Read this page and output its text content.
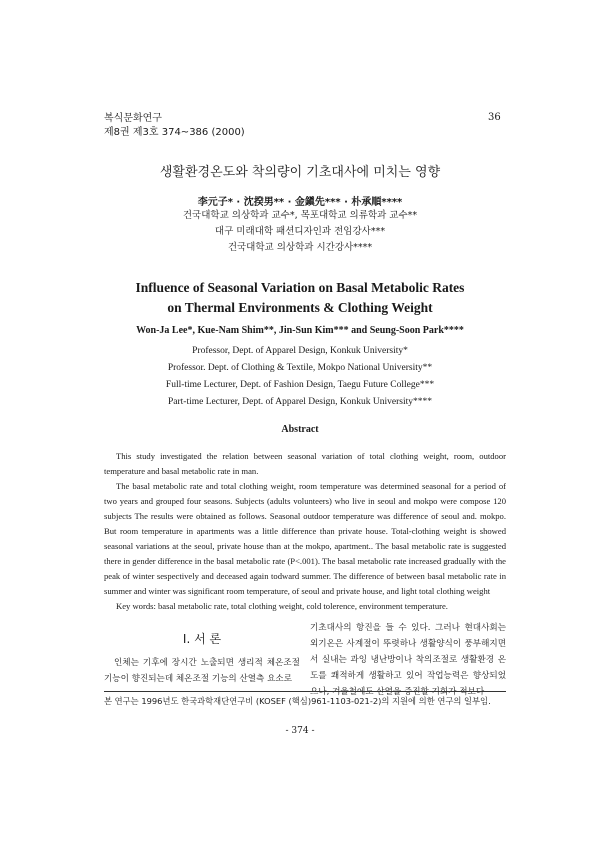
복식문화연구
제8권 제3호 374~386 (2000)
36
생활환경온도와 착의량이 기초대사에 미치는 영향
李元子* · 沈揆男** · 金鎭先*** · 朴承順****
건국대학교 의상학과 교수*, 목포대학교 의류학과 교수**
대구 미래대학 패션디자인과 전임강사***
건국대학교 의상학과 시간강사****
Influence of Seasonal Variation on Basal Metabolic Rates
on Thermal Environments & Clothing Weight
Won-Ja Lee*, Kue-Nam Shim**, Jin-Sun Kim*** and Seung-Soon Park****
Professor, Dept. of Apparel Design, Konkuk University*
Professor. Dept. of Clothing & Textile, Mokpo National University**
Full-time Lecturer, Dept. of Fashion Design, Taegu Future College***
Part-time Lecturer, Dept. of Apparel Design, Konkuk University****
Abstract

This study investigated the relation between seasonal variation of total clothing weight, room, outdoor temperature and basal metabolic rate in man.

The basal metabolic rate and total clothing weight, room temperature was determined seasonal for a period of two years and grouped four seasons. Subjects (adults volunteers) who live in seoul and mokpo were compose 120 subjects The results were obtained as follows. Seasonal outdoor temperature was difference of seoul and. mokpo. But room temperature in apartments was a little difference than private house. Total-clothing weight is showed seasonal variations at the seoul, private house than at the mokpo, apartment.. The basal metabolic rate is suggested there in gender difference in the basal metabolic rate (P<.001). The basal metabolic rate increased gradually with the peak of winter sespectively and deceased again todward summer. The difference of between basal metabolic rate in summer and winter was significant room temperature, of seoul and private house, and light total clothing weight

Key words: basal metabolic rate, total clothing weight, cold tolerence, environment temperature.

Ⅰ. 서 론

인체는 기후에 장시간 노출되면 생리적 체온조절 기능이 향진되는데 체온조절 기능의 산열측 요소로

기초대사의 항진을 들 수 있다. 그러나 현대사회는 외기온은 사계절이 뚜렷하나 생활양식이 풍부해지면서 실내는 과잉 냉난방이나 착의조절로 생활환경 온도를 쾌적하게 생활하고 있어 작업능력은 향상되었으나, 겨울철에도 산열을 증진할 기회가 적보다

본 연구는 1996년도 한국과학재단연구비 (KOSEF (핵심)961-1103-021-2)의 지원에 의한 연구의 일부임.
- 374 -
